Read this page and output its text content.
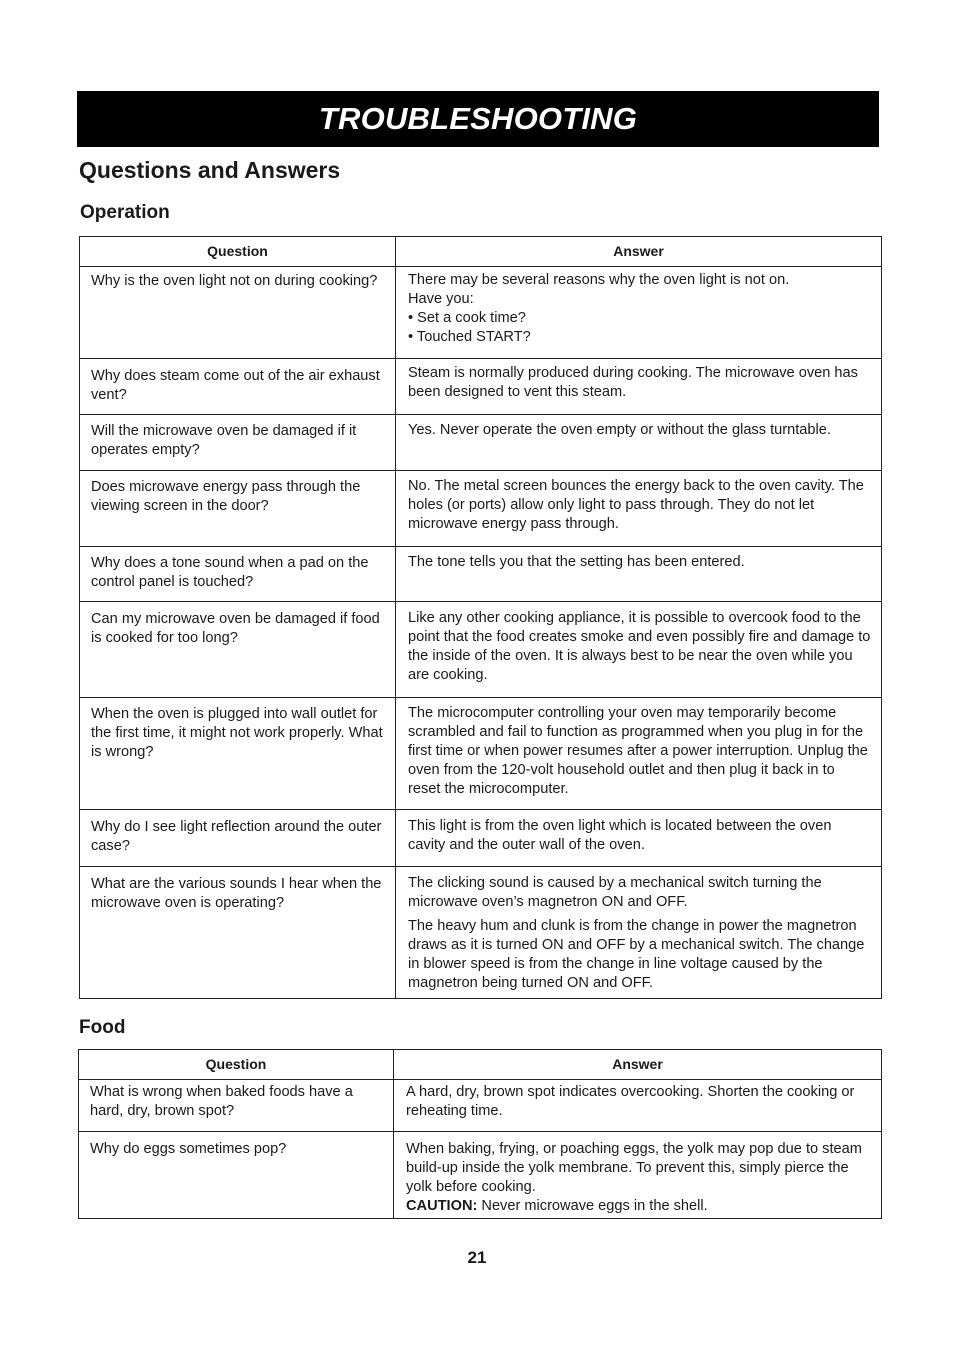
TROUBLESHOOTING
Questions and Answers
Operation
Question	Answer
Why is the oven light not on during cooking?	There may be several reasons why the oven light is not on.
Have you:
• Set a cook time?
• Touched START?

Why does steam come out of the air exhaust vent?	Steam is normally produced during cooking. The microwave oven has been designed to vent this steam.
Will the microwave oven be damaged if it operates empty?	Yes. Never operate the oven empty or without the glass turntable.
Does microwave energy pass through the viewing screen in the door?	No. The metal screen bounces the energy back to the oven cavity. The holes (or ports) allow only light to pass through. They do not let microwave energy pass through.
Why does a tone sound when a pad on the control panel is touched?	The tone tells you that the setting has been entered.
Can my microwave oven be damaged if food is cooked for too long?	Like any other cooking appliance, it is possible to overcook food to the point that the food creates smoke and even possibly fire and damage to the inside of the oven. It is always best to be near the oven while you are cooking.
When the oven is plugged into wall outlet for the first time, it might not work properly. What is wrong?	The microcomputer controlling your oven may temporarily become scrambled and fail to function as programmed when you plug in for the first time or when power resumes after a power interruption. Unplug the oven from the 120-volt household outlet and then plug it back in to reset the microcomputer.
Why do I see light reflection around the outer case?	This light is from the oven light which is located between the oven cavity and the outer wall of the oven.
What are the various sounds I hear when the microwave oven is operating?	The clicking sound is caused by a mechanical switch turning the microwave oven’s magnetron ON and OFF.
The heavy hum and clunk is from the change in power the magnetron draws as it is turned ON and OFF by a mechanical switch. The change in blower speed is from the change in line voltage caused by the magnetron being turned ON and OFF.
Food
Question	Answer
What is wrong when baked foods have a hard, dry, brown spot?	A hard, dry, brown spot indicates overcooking. Shorten the cooking or reheating time.
Why do eggs sometimes pop?	When baking, frying, or poaching eggs, the yolk may pop due to steam build-up inside the yolk membrane. To prevent this, simply pierce the yolk before cooking.
CAUTION: Never microwave eggs in the shell.

21
